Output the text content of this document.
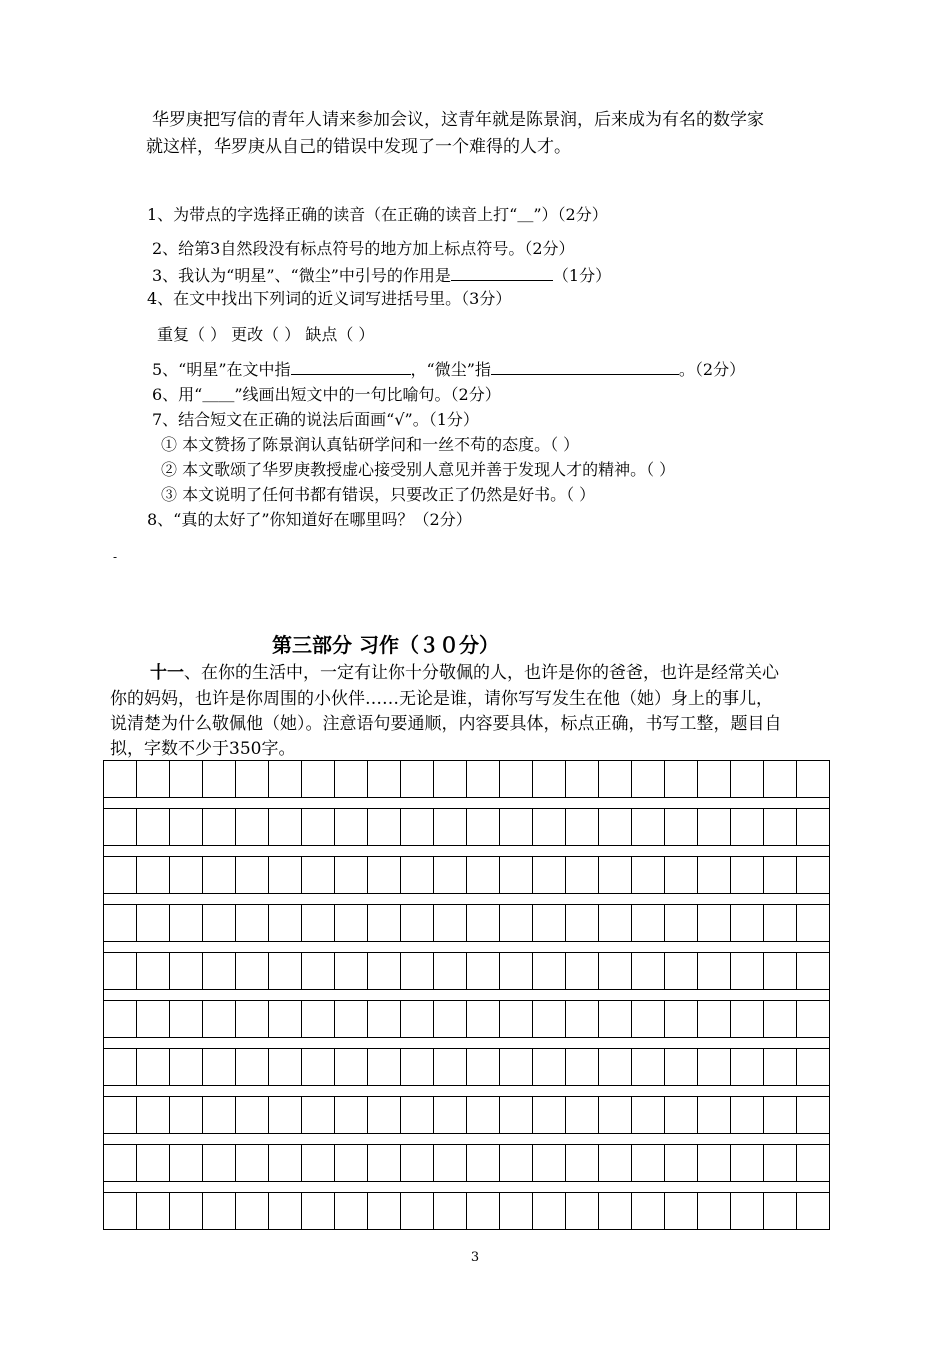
华罗庚把写信的青年人请来参加会议，这青年就是陈景润，后来成为有名的数学家
就这样，华罗庚从自己的错误中发现了一个难得的人才。
1、为带点的字选择正确的读音（在正确的读音上打“＿”）（2分）
2、给第3自然段没有标点符号的地方加上标点符号。（2分）
3、我认为“明星”、“微尘”中引号的作用是	（1分）
4、在文中找出下列词的近义词写进括号里。（3分）
重复（ ） 更改（ ） 缺点（ ）
5、“明星”在文中指	，“微尘”指	。（2分）
6、用“＿＿”线画出短文中的一句比喻句。（2分）
7、结合短文在正确的说法后面画“√”。（1分）
① 本文赞扬了陈景润认真钻研学问和一丝不苟的态度。（ ）
② 本文歌颂了华罗庚教授虚心接受别人意见并善于发现人才的精神。（ ）
③ 本文说明了任何书都有错误，只要改正了仍然是好书。（ ）
8、“真的太好了”你知道好在哪里吗？（2分）
-
第三部分 习作（３０分）
十一、在你的生活中，一定有让你十分敬佩的人，也许是你的爸爸，也许是经常关心
你的妈妈，也许是你周围的小伙伴……无论是谁，请你写写发生在他（她）身上的事儿，
说清楚为什么敬佩他（她）。注意语句要通顺，内容要具体，标点正确，书写工整，题目自
拟，字数不少于350字。
3
